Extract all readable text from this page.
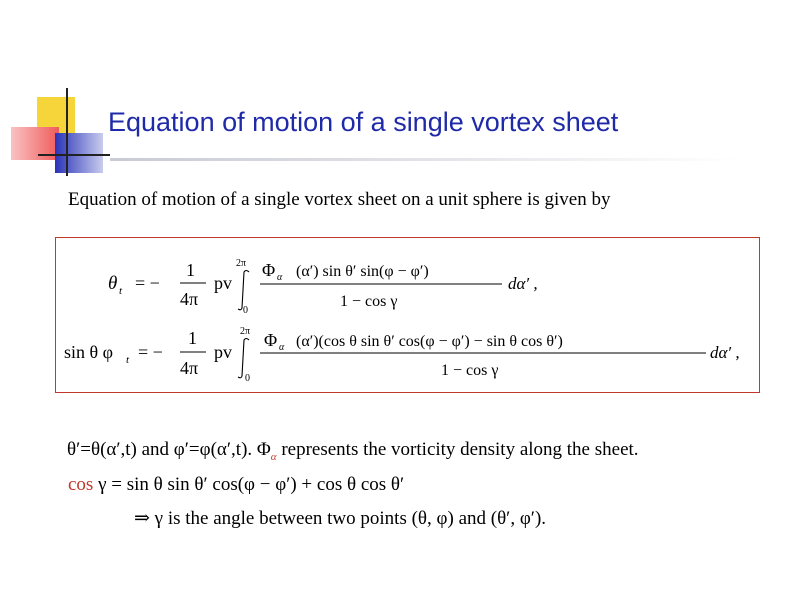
Equation of motion of a single vortex sheet
Equation of motion of a single vortex sheet on a unit sphere is given by
θ t = −
1
4π
pv
2π
0
Φ α (α′) sin θ′ sin(φ − φ′)
1 − cos γ
dα′ ,
sin θ φ t = −
1
4π
pv
2π
0
Φ α (α′)(cos θ sin θ′ cos(φ − φ′) − sin θ cos θ′)
1 − cos γ
dα′ ,
θ′=θ(α′,t) and φ′=φ(α′,t). $\Phi_\alpha$ represents the vorticity density along the sheet.
cos γ = sin θ sin θ′ cos(φ − φ′) + cos θ cos θ′
⇒ γ is the angle between two points (θ, φ) and (θ′, φ′).
